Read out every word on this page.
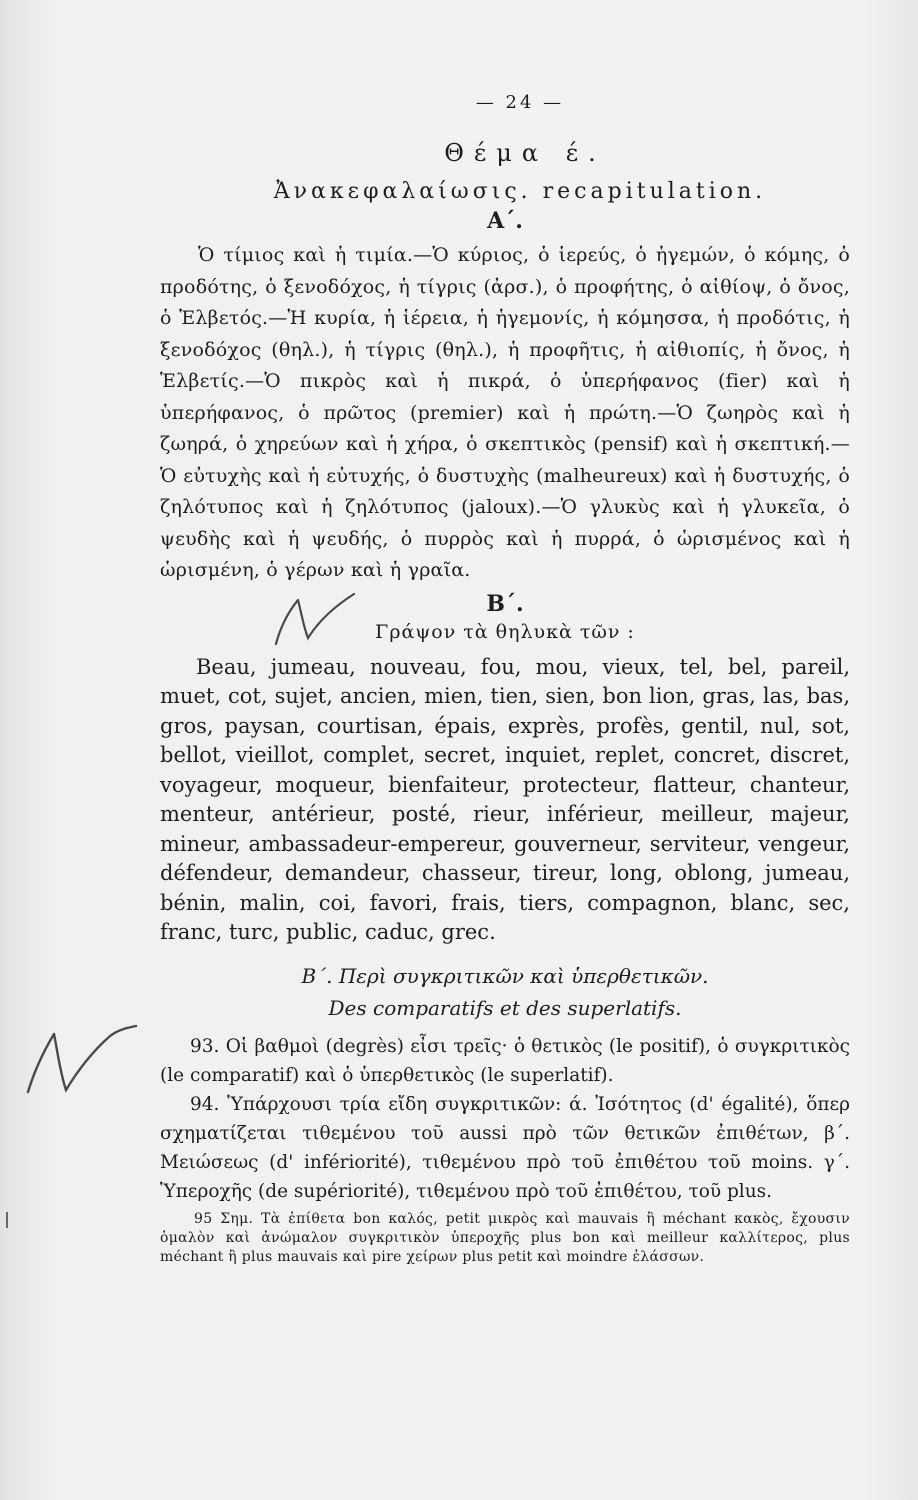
— 24 —
Θέμα έ.
Ἀνακεφαλαίωσις. recapitulation.
Α΄.

Ὁ τίμιος καὶ ἡ τιμία.—Ὁ κύριος, ὁ ἱερεύς, ὁ ἡγεμών, ὁ κόμης, ὁ προδότης, ὁ ξενοδόχος, ἡ τίγρις (ἀρσ.), ὁ προφήτης, ὁ αἰθίοψ, ὁ ὄνος, ὁ Ἑλβετός.—Ἡ κυρία, ἡ ἱέρεια, ἡ ἡγεμονίς, ἡ κόμησσα, ἡ προδότις, ἡ ξενοδόχος (θηλ.), ἡ τίγρις (θηλ.), ἡ προφῆτις, ἡ αἰθιοπίς, ἡ ὄνος, ἡ Ἑλβετίς.—Ὁ πικρὸς καὶ ἡ πικρά, ὁ ὑπερήφανος (fier) καὶ ἡ ὑπερήφανος, ὁ πρῶτος (premier) καὶ ἡ πρώτη.—Ὁ ζωηρὸς καὶ ἡ ζωηρά, ὁ χηρεύων καὶ ἡ χήρα, ὁ σκεπτικὸς (pensif) καὶ ἡ σκεπτική.—Ὁ εὐτυχὴς καὶ ἡ εὐτυχής, ὁ δυστυχὴς (malheureux) καὶ ἡ δυστυχής, ὁ ζηλότυπος καὶ ἡ ζηλότυπος (jaloux).—Ὁ γλυκὺς καὶ ἡ γλυκεῖα, ὁ ψευδὴς καὶ ἡ ψευδής, ὁ πυρρὸς καὶ ἡ πυρρά, ὁ ὡρισμένος καὶ ἡ ὡρισμένη, ὁ γέρων καὶ ἡ γραῖα.

Β΄.
Γράψον τὰ θηλυκὰ τῶν :

Beau, jumeau, nouveau, fou, mou, vieux, tel, bel, pareil, muet, cot, sujet, ancien, mien, tien, sien, bon lion, gras, las, bas, gros, paysan, courtisan, épais, exprès, profès, gentil, nul, sot, bellot, vieillot, complet, secret, inquiet, replet, concret, discret, voyageur, moqueur, bienfaiteur, protecteur, flatteur, chanteur, menteur, antérieur, posté, rieur, inférieur, meilleur, majeur, mineur, ambassadeur-empereur, gouverneur, serviteur, vengeur, défendeur, demandeur, chasseur, tireur, long, oblong, jumeau, bénin, malin, coi, favori, frais, tiers, compagnon, blanc, sec, franc, turc, public, caduc, grec.

Β΄. Περὶ συγκριτικῶν καὶ ὑπερθετικῶν.
Des comparatifs et des superlatifs.

93. Οἱ βαθμοὶ (degrès) εἶσι τρεῖς· ὁ θετικὸς (le positif), ὁ συγκριτικὸς (le comparatif) καὶ ὁ ὑπερθετικὸς (le superlatif).

94. Ὑπάρχουσι τρία εἴδη συγκριτικῶν: ά. Ἰσότητος (d' égalité), ὅπερ σχηματίζεται τιθεμένου τοῦ aussi πρὸ τῶν θετικῶν ἐπιθέτων, β΄. Μειώσεως (d' infériorité), τιθεμένου πρὸ τοῦ ἐπιθέτου τοῦ moins. γ΄. Ὑπεροχῆς (de supériorité), τιθεμένου πρὸ τοῦ ἐπιθέτου, τοῦ plus.

95 Σημ. Τὰ ἐπίθετα bon καλός, petit μικρὸς καὶ mauvais ἢ méchant κακὸς, ἔχουσιν ὁμαλὸν καὶ ἀνώμαλον συγκριτικὸν ὑπεροχῆς plus bon καὶ meilleur καλλίτερος, plus méchant ἢ plus mauvais καὶ pire χείρων plus petit καὶ moindre ἐλάσσων.
